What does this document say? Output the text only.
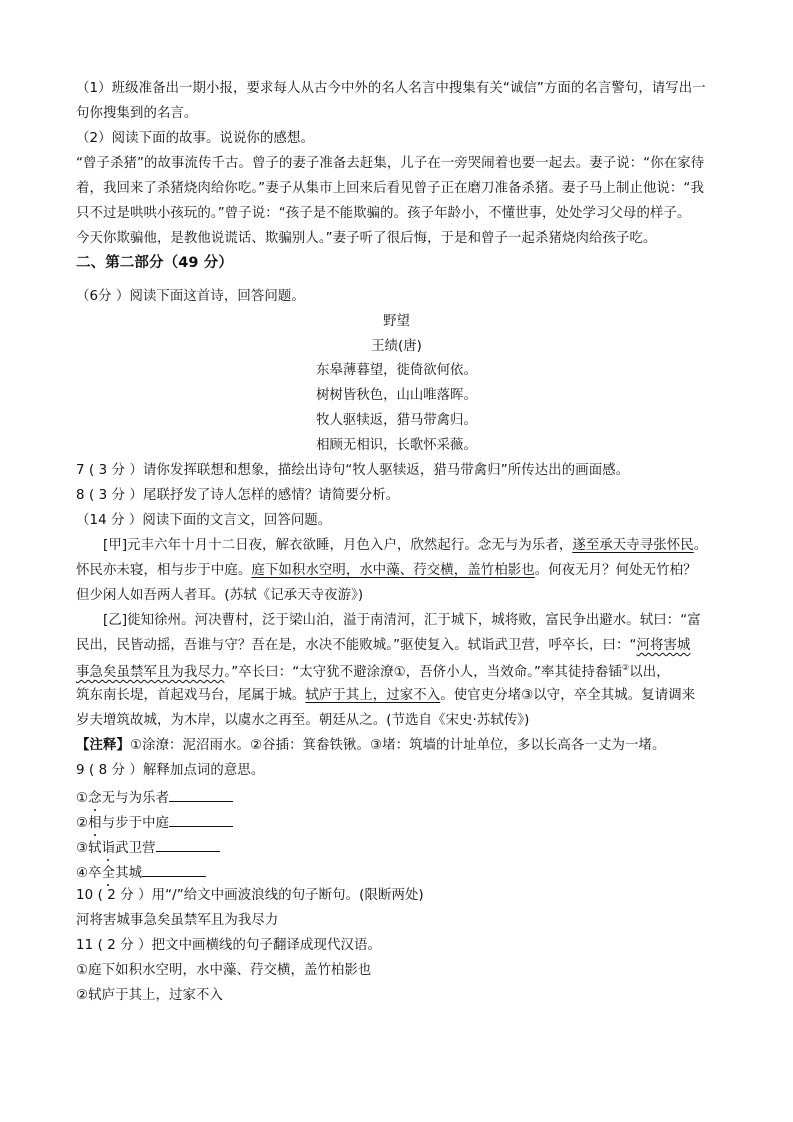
（1）班级准备出一期小报，要求每人从古今中外的名人名言中搜集有关“诚信”方面的名言警句，请写出一
句你搜集到的名言。
（2）阅读下面的故事。说说你的感想。
“曾子杀猪”的故事流传千古。曾子的妻子准备去赶集，儿子在一旁哭闹着也要一起去。妻子说：“你在家待
着，我回来了杀猪烧肉给你吃。”妻子从集市上回来后看见曾子正在磨刀准备杀猪。妻子马上制止他说：“我
只不过是哄哄小孩玩的。”曾子说：“孩子是不能欺骗的。孩子年龄小，不懂世事，处处学习父母的样子。
今天你欺骗他，是教他说谎话、欺骗别人。”妻子听了很后悔，于是和曾子一起杀猪烧肉给孩子吃。
二、第二部分（49 分）
（6分 ）阅读下面这首诗，回答问题。
野望
王绩(唐)
东皋薄暮望，徙倚欲何依。
树树皆秋色，山山唯落晖。
牧人驱犊返，猎马带禽归。
相顾无相识，长歌怀采薇。
7 ( 3 分 ）请你发挥联想和想象，描绘出诗句“牧人驱犊返，猎马带禽归”所传达出的画面感。
8 ( 3 分 ）尾联抒发了诗人怎样的感情？请简要分析。
（14 分 ）阅读下面的文言文，回答问题。
[甲]元丰六年十月十二日夜，解衣欲睡，月色入户，欣然起行。念无与为乐者，遂至承天寺寻张怀民。
怀民亦未寝，相与步于中庭。庭下如积水空明，水中藻、荇交横，盖竹柏影也。何夜无月？何处无竹柏？
但少闲人如吾两人者耳。(苏轼《记承天寺夜游》)
[乙]徙知徐州。河决曹村，泛于梁山泊，溢于南清河，汇于城下，城将败，富民争出避水。轼曰：“富
民出，民皆动摇，吾谁与守？吾在是，水决不能败城。”驱使复入。轼诣武卫营，呼卒长，曰：“河将害城
事急矣虽禁军且为我尽力。”卒长曰：“太守犹不避涂潦①，吾侪小人，当效命。”率其徒持畚锸②以出，
筑东南长堤，首起戏马台，尾属于城。轼庐于其上，过家不入。使官吏分堵③以守，卒全其城。复请调来
岁夫增筑故城，为木岸，以虞水之再至。朝廷从之。(节选自《宋史·苏轼传》)
【注释】①涂潦：泥沼雨水。②谷插：箕畚铁锹。③堵：筑墙的计址单位，多以长高各一丈为一堵。
9 ( 8 分 ）解释加点词的意思。
①念无与为乐者
②相与步于中庭
③轼诣武卫营
④卒全其城
10 ( 2 分 ）用“/”给文中画波浪线的句子断句。(限断两处)
河将害城事急矣虽禁军且为我尽力
11 ( 2 分 ）把文中画横线的句子翻译成现代汉语。
①庭下如积水空明，水中藻、荇交横，盖竹柏影也
②轼庐于其上，过家不入
